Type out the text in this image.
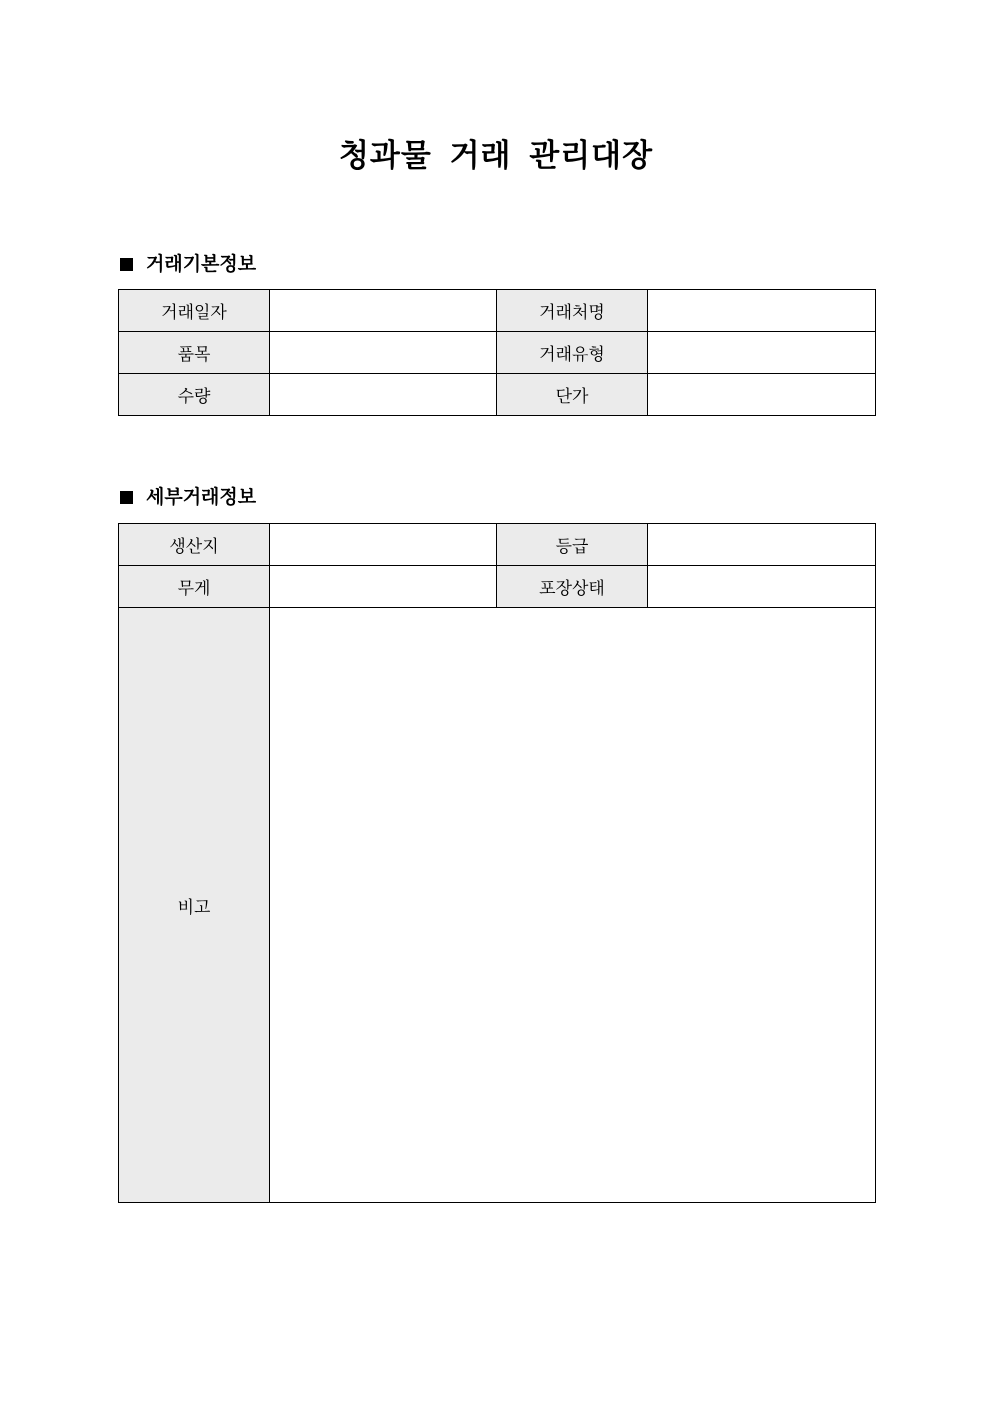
청과물 거래 관리대장
거래기본정보
거래일자		거래처명	
품목		거래유형	
수량		단가	
세부거래정보
생산지		등급	
무게		포장상태	
비고			
